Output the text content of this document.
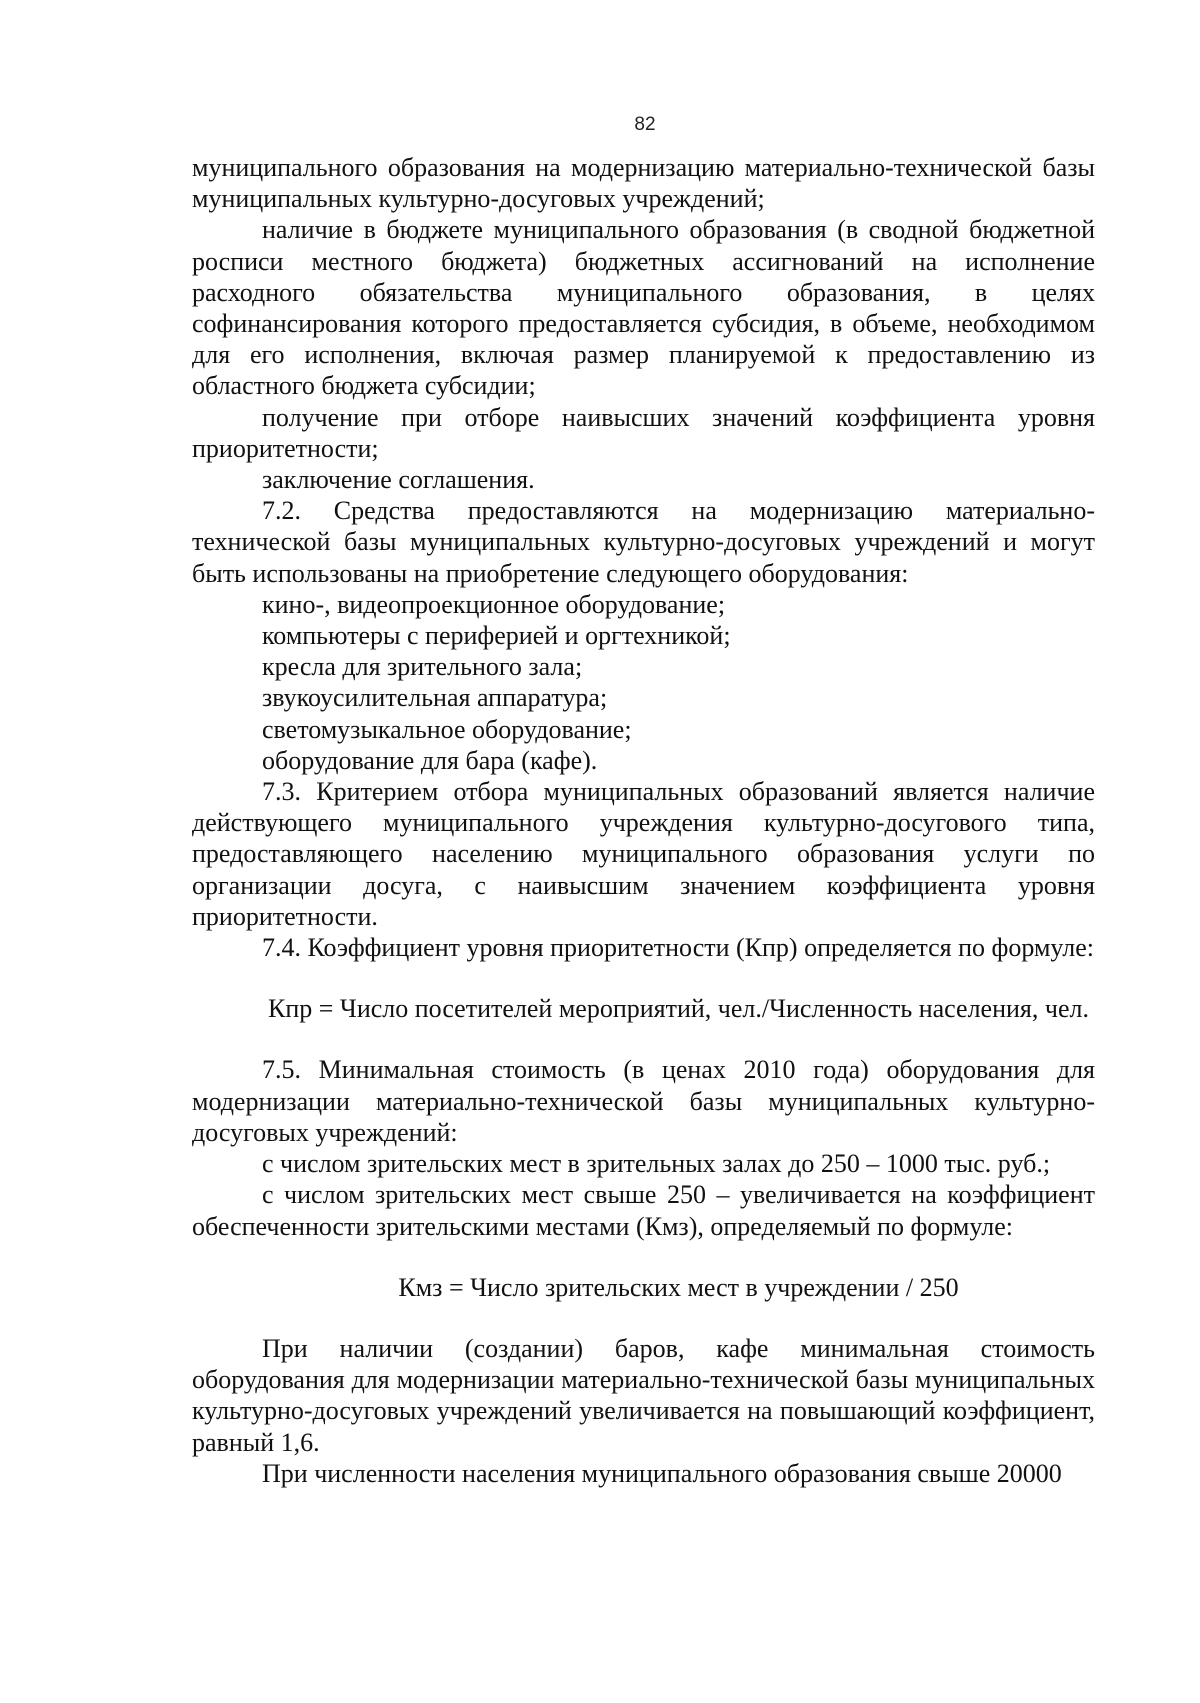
82

муниципального образования на модернизацию материально-технической базы муниципальных культурно-досуговых учреждений;

наличие в бюджете муниципального образования (в сводной бюджетной росписи местного бюджета) бюджетных ассигнований на исполнение расходного обязательства муниципального образования, в целях софинансирования которого предоставляется субсидия, в объеме, необходимом для его исполнения, включая размер планируемой к предоставлению из областного бюджета субсидии;

получение при отборе наивысших значений коэффициента уровня приоритетности;

заключение соглашения.

7.2. Средства предоставляются на модернизацию материально-технической базы муниципальных культурно-досуговых учреждений и могут быть использованы на приобретение следующего оборудования:

кино-, видеопроекционное оборудование;

компьютеры с периферией и оргтехникой;

кресла для зрительного зала;

звукоусилительная аппаратура;

светомузыкальное оборудование;

оборудование для бара (кафе).

7.3. Критерием отбора муниципальных образований является наличие действующего муниципального учреждения культурно-досугового типа, предоставляющего населению муниципального образования услуги по организации досуга, с наивысшим значением коэффициента уровня приоритетности.

7.4. Коэффициент уровня приоритетности (Кпр) определяется по формуле:

Кпр = Число посетителей мероприятий, чел./Численность населения, чел.

7.5. Минимальная стоимость (в ценах 2010 года) оборудования для модернизации материально-технической базы муниципальных культурно-досуговых учреждений:

с числом зрительских мест в зрительных залах до 250 – 1000 тыс. руб.;

с числом зрительских мест свыше 250 – увеличивается на коэффициент обеспеченности зрительскими местами (Кмз), определяемый по формуле:

Кмз = Число зрительских мест в учреждении / 250

При наличии (создании) баров, кафе минимальная стоимость оборудования для модернизации материально-технической базы муниципальных культурно-досуговых учреждений увеличивается на повышающий коэффициент, равный 1,6.

При численности населения муниципального образования свыше 20000
